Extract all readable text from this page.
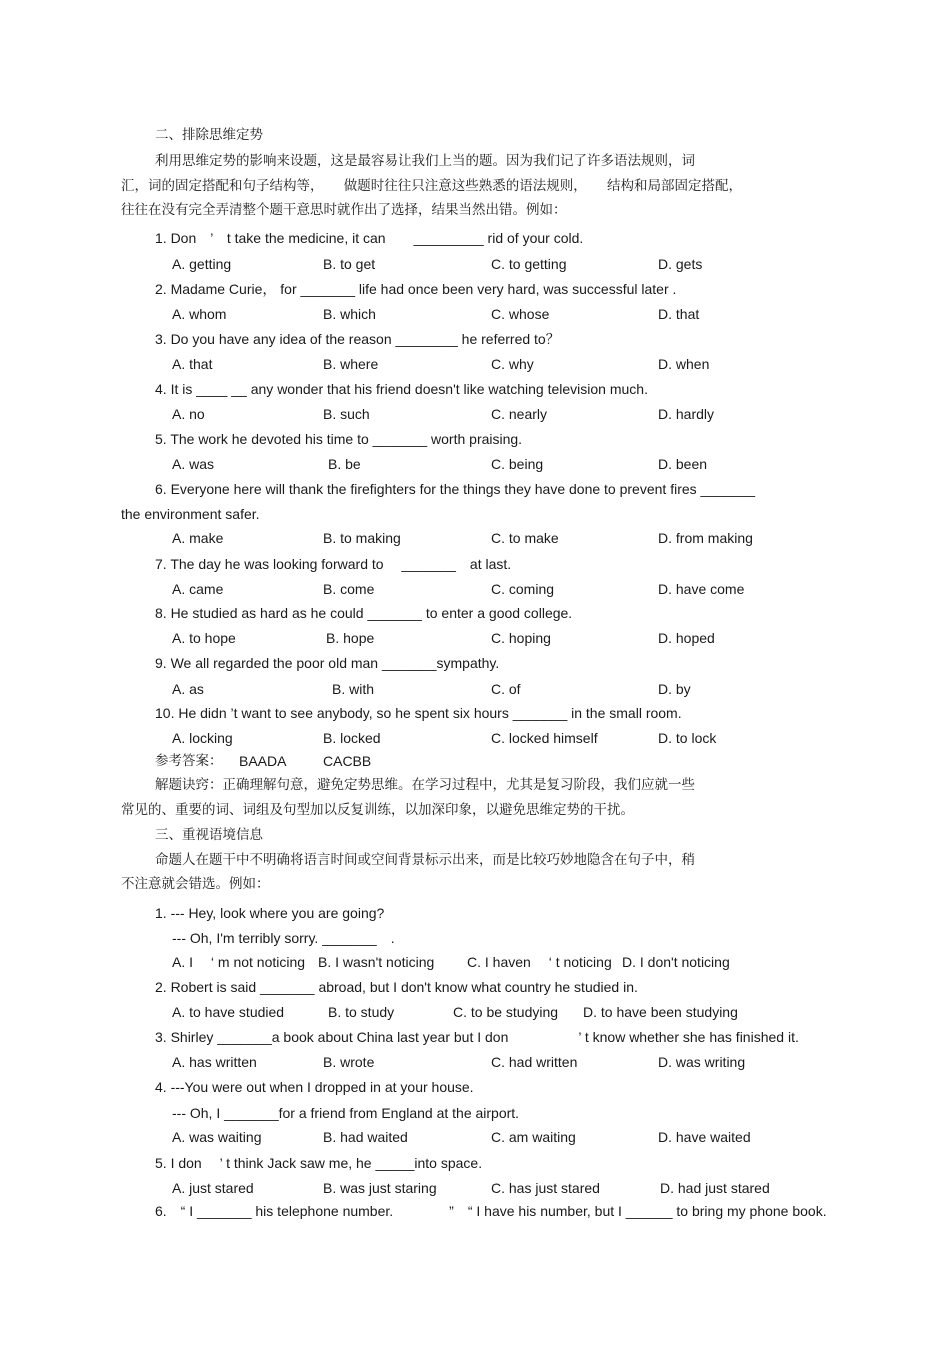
二、排除思维定势
利用思维定势的影响来设题，这是最容易让我们上当的题。因为我们记了许多语法规则，词
汇，词的固定搭配和句子结构等，　　做题时往往只注意这些熟悉的语法规则，　　结构和局部固定搭配，
往往在没有完全弄清整个题干意思时就作出了选择，结果当然出错。例如：
1. Don　’　t take the medicine, it can　　_________ rid of your cold.
A. getting	B. to get	C. to getting	D. gets
2. Madame Curie， for _______ life had once been very hard, was successful later .
A. whom	B. which	C. whose	D. that
3. Do you have any idea of the reason ________ he referred to？
A. that	B. where	C. why	D. when
4. It is ____ __ any wonder that his friend doesn't like watching television much.
A. no	B. such	C. nearly	D. hardly
5. The work he devoted his time to _______ worth praising.
A. was	B. be	C. being	D. been
6. Everyone here will thank the firefighters for the things they have done to prevent fires _______
the environment safer.
A. make	B. to making	C. to make	D. from making
7. The day he was looking forward to　 _______　at last.
A. came	B. come	C. coming	D. have come
8. He studied as hard as he could _______ to enter a good college.
A. to hope	B. hope	C. hoping	D. hoped
9. We all regarded the poor old man _______sympathy.
A. as	B. with	C. of	D. by
10. He didn ’t want to see anybody, so he spent six hours _______ in the small room.
A. locking	B. locked	C. locked himself	D. to lock
参考答案： BAADA	CACBB
解题诀窍：正确理解句意，避免定势思维。在学习过程中，尤其是复习阶段，我们应就一些
常见的、重要的词、词组及句型加以反复训练，以加深印象，以避免思维定势的干扰。
三、重视语境信息
命题人在题干中不明确将语言时间或空间背景标示出来，而是比较巧妙地隐含在句子中，稍
不注意就会错选。例如：
1. --- Hey, look where you are going?
--- Oh, I'm terribly sorry. _______　.
A. I　 ‘ m not noticing B. I wasn't noticing C. I haven　 ‘ t noticing D. I don't noticing
2. Robert is said _______ abroad, but I don't know what country he studied in.
A. to have studied	B. to study	C. to be studying D. to have been studying
3. Shirley _______a book about China last year but I don　　　　　’ t know whether she has finished it.
A. has written	B. wrote	C. had written	D. was writing
4. ---You were out when I dropped in at your house.
--- Oh, I _______for a friend from England at the airport.
A. was waiting	B. had waited	C. am waiting	D. have waited
5. I don　 ’ t think Jack saw me, he _____into space.
A. just stared	B. was just staring	C. has just stared	D. had just stared
6.　“ I _______ his telephone number.　　　　”　“ I have his number, but I ______ to bring my phone book.
